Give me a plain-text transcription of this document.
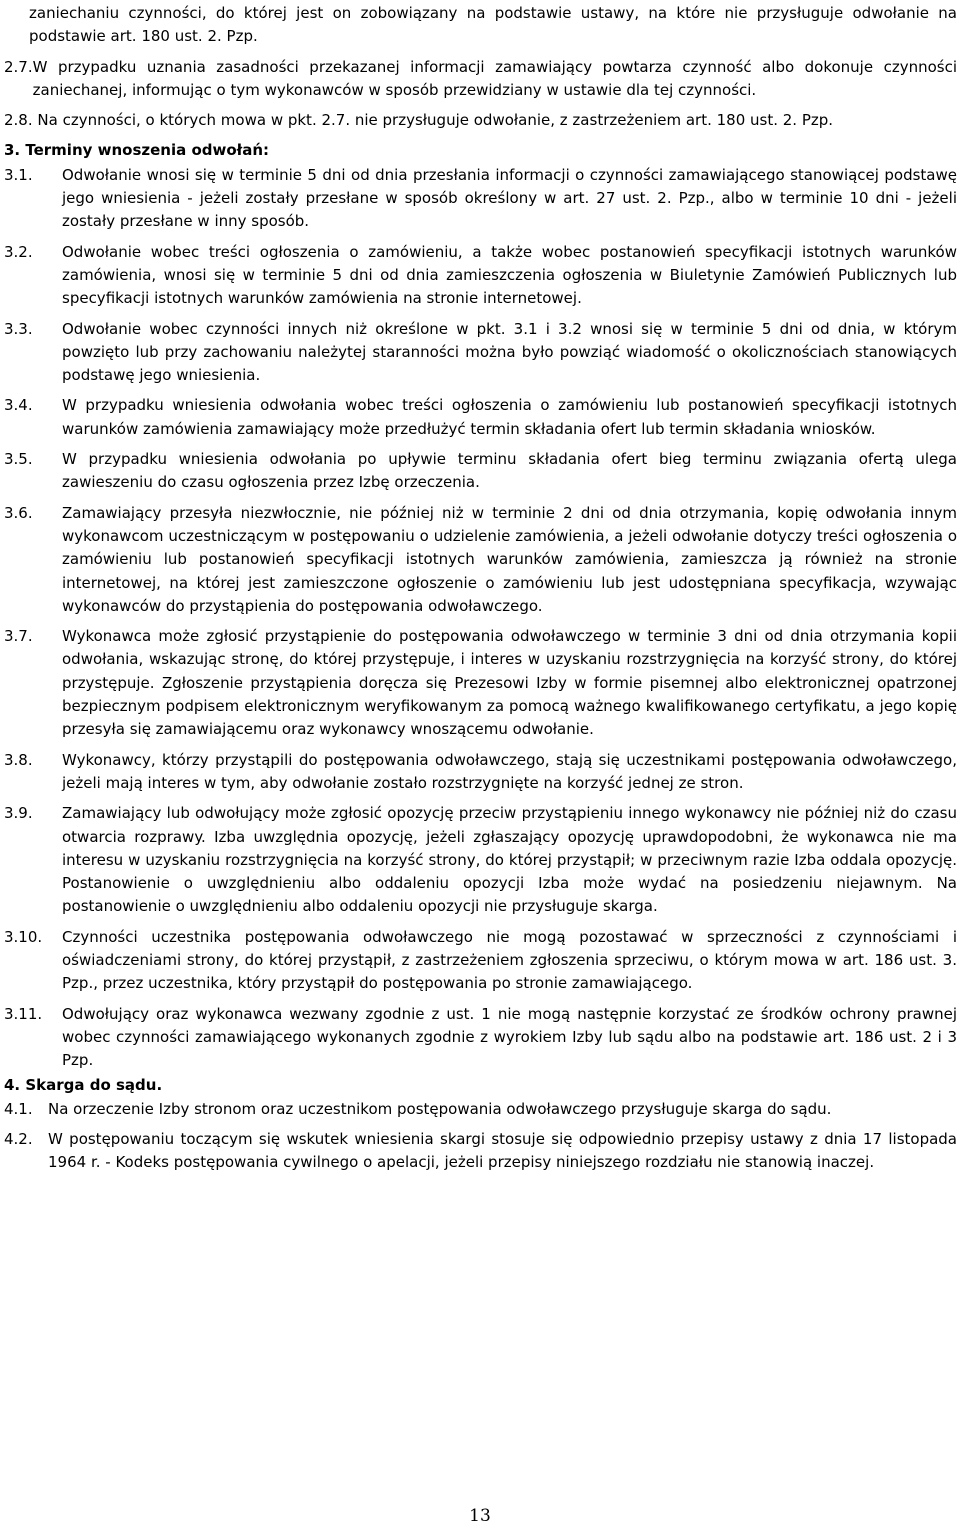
zaniechaniu czynności, do której jest on zobowiązany na podstawie ustawy, na które nie przysługuje odwołanie na podstawie art. 180 ust. 2. Pzp.
2.7. W przypadku uznania zasadności przekazanej informacji zamawiający powtarza czynność albo dokonuje czynności zaniechanej, informując o tym wykonawców w sposób przewidziany w ustawie dla tej czynności.
2.8. Na czynności, o których mowa w pkt. 2.7. nie przysługuje odwołanie, z zastrzeżeniem art. 180 ust. 2. Pzp.
3. Terminy wnoszenia odwołań:
3.1.	Odwołanie wnosi się w terminie 5 dni od dnia przesłania informacji o czynności zamawiającego stanowiącej podstawę jego wniesienia - jeżeli zostały przesłane w sposób określony w art. 27 ust. 2. Pzp., albo w terminie 10 dni - jeżeli zostały przesłane w inny sposób.
3.2.	Odwołanie wobec treści ogłoszenia o zamówieniu, a także wobec postanowień specyfikacji istotnych warunków zamówienia, wnosi się w terminie 5 dni od dnia zamieszczenia ogłoszenia w Biuletynie Zamówień Publicznych lub specyfikacji istotnych warunków zamówienia na stronie internetowej.
3.3.	Odwołanie wobec czynności innych niż określone w pkt. 3.1 i 3.2 wnosi się w terminie 5 dni od dnia, w którym powzięto lub przy zachowaniu należytej staranności można było powziąć wiadomość o okolicznościach stanowiących podstawę jego wniesienia.
3.4.	W przypadku wniesienia odwołania wobec treści ogłoszenia o zamówieniu lub postanowień specyfikacji istotnych warunków zamówienia zamawiający może przedłużyć termin składania ofert lub termin składania wniosków.
3.5.	W przypadku wniesienia odwołania po upływie terminu składania ofert bieg terminu związania ofertą ulega zawieszeniu do czasu ogłoszenia przez Izbę orzeczenia.
3.6.	Zamawiający przesyła niezwłocznie, nie później niż w terminie 2 dni od dnia otrzymania, kopię odwołania innym wykonawcom uczestniczącym w postępowaniu o udzielenie zamówienia, a jeżeli odwołanie dotyczy treści ogłoszenia o zamówieniu lub postanowień specyfikacji istotnych warunków zamówienia, zamieszcza ją również na stronie internetowej, na której jest zamieszczone ogłoszenie o zamówieniu lub jest udostępniana specyfikacja, wzywając wykonawców do przystąpienia do postępowania odwoławczego.
3.7.	Wykonawca może zgłosić przystąpienie do postępowania odwoławczego w terminie 3 dni od dnia otrzymania kopii odwołania, wskazując stronę, do której przystępuje, i interes w uzyskaniu rozstrzygnięcia na korzyść strony, do której przystępuje. Zgłoszenie przystąpienia doręcza się Prezesowi Izby w formie pisemnej albo elektronicznej opatrzonej bezpiecznym podpisem elektronicznym weryfikowanym za pomocą ważnego kwalifikowanego certyfikatu, a jego kopię przesyła się zamawiającemu oraz wykonawcy wnoszącemu odwołanie.
3.8.	Wykonawcy, którzy przystąpili do postępowania odwoławczego, stają się uczestnikami postępowania odwoławczego, jeżeli mają interes w tym, aby odwołanie zostało rozstrzygnięte na korzyść jednej ze stron.
3.9.	Zamawiający lub odwołujący może zgłosić opozycję przeciw przystąpieniu innego wykonawcy nie później niż do czasu otwarcia rozprawy. Izba uwzględnia opozycję, jeżeli zgłaszający opozycję uprawdopodobni, że wykonawca nie ma interesu w uzyskaniu rozstrzygnięcia na korzyść strony, do której przystąpił; w przeciwnym razie Izba oddala opozycję. Postanowienie o uwzględnieniu albo oddaleniu opozycji Izba może wydać na posiedzeniu niejawnym. Na postanowienie o uwzględnieniu albo oddaleniu opozycji nie przysługuje skarga.
3.10.	Czynności uczestnika postępowania odwoławczego nie mogą pozostawać w sprzeczności z czynnościami i oświadczeniami strony, do której przystąpił, z zastrzeżeniem zgłoszenia sprzeciwu, o którym mowa w art. 186 ust. 3. Pzp., przez uczestnika, który przystąpił do postępowania po stronie zamawiającego.
3.11.	Odwołujący oraz wykonawca wezwany zgodnie z ust. 1 nie mogą następnie korzystać ze środków ochrony prawnej wobec czynności zamawiającego wykonanych zgodnie z wyrokiem Izby lub sądu albo na podstawie art. 186 ust. 2 i 3 Pzp.
4. Skarga do sądu.
4.1.	Na orzeczenie Izby stronom oraz uczestnikom postępowania odwoławczego przysługuje skarga do sądu.
4.2.	W postępowaniu toczącym się wskutek wniesienia skargi stosuje się odpowiednio przepisy ustawy z dnia 17 listopada 1964 r. - Kodeks postępowania cywilnego o apelacji, jeżeli przepisy niniejszego rozdziału nie stanowią inaczej.
13
